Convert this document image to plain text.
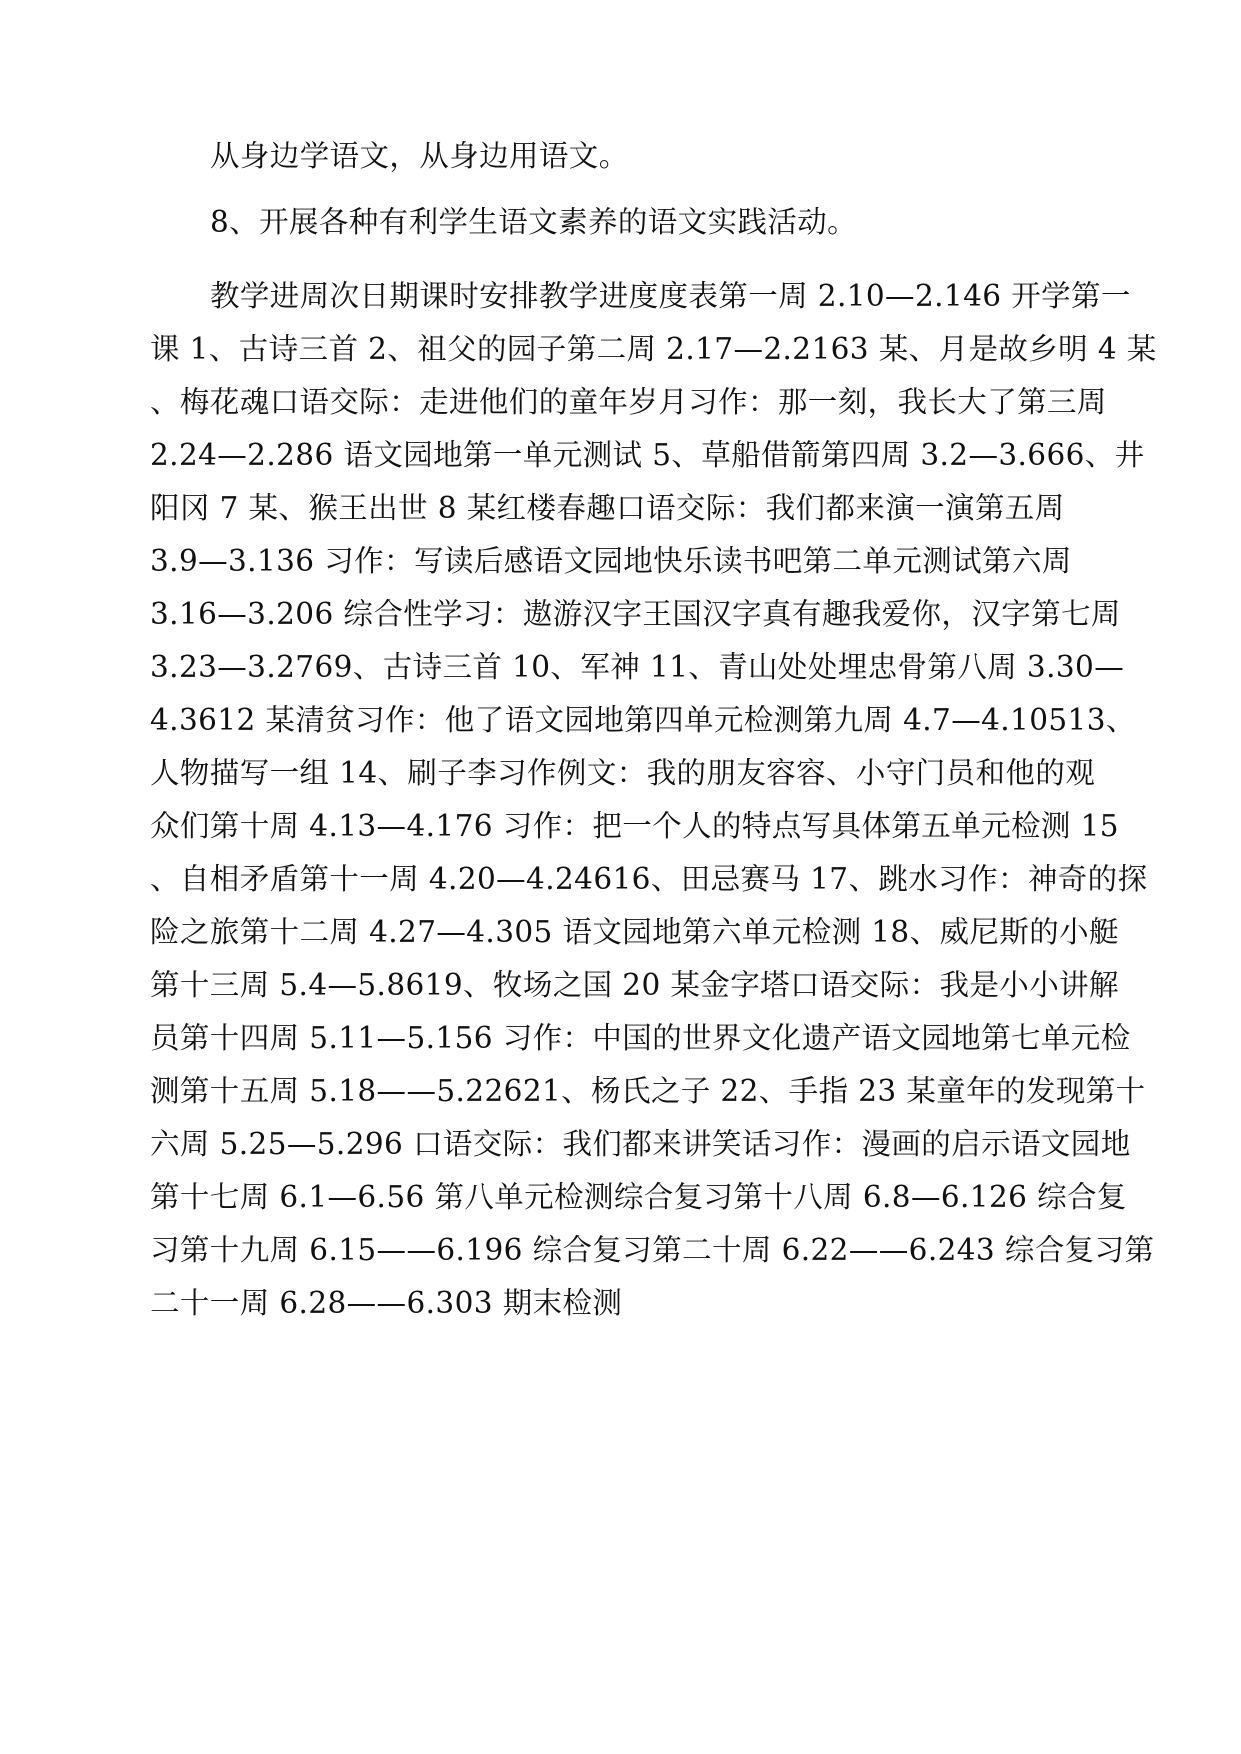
从身边学语文，从身边用语文。
8、开展各种有利学生语文素养的语文实践活动。
教学进周次日期课时安排教学进度度表第一周 2.10—2.146 开学第一
课 1、古诗三首 2、祖父的园子第二周 2.17—2.2163 某、月是故乡明 4 某
、梅花魂口语交际：走进他们的童年岁月习作：那一刻，我长大了第三周
2.24—2.286 语文园地第一单元测试 5、草船借箭第四周 3.2—3.666、井
阳冈 7 某、猴王出世 8 某红楼春趣口语交际：我们都来演一演第五周
3.9—3.136 习作：写读后感语文园地快乐读书吧第二单元测试第六周
3.16—3.206 综合性学习：遨游汉字王国汉字真有趣我爱你，汉字第七周
3.23—3.2769、古诗三首 10、军神 11、青山处处埋忠骨第八周 3.30—
4.3612 某清贫习作：他了语文园地第四单元检测第九周 4.7—4.10513、
人物描写一组 14、刷子李习作例文：我的朋友容容、小守门员和他的观
众们第十周 4.13—4.176 习作：把一个人的特点写具体第五单元检测 15
、自相矛盾第十一周 4.20—4.24616、田忌赛马 17、跳水习作：神奇的探
险之旅第十二周 4.27—4.305 语文园地第六单元检测 18、威尼斯的小艇
第十三周 5.4—5.8619、牧场之国 20 某金字塔口语交际：我是小小讲解
员第十四周 5.11—5.156 习作：中国的世界文化遗产语文园地第七单元检
测第十五周 5.18——5.22621、杨氏之子 22、手指 23 某童年的发现第十
六周 5.25—5.296 口语交际：我们都来讲笑话习作：漫画的启示语文园地
第十七周 6.1—6.56 第八单元检测综合复习第十八周 6.8—6.126 综合复
习第十九周 6.15——6.196 综合复习第二十周 6.22——6.243 综合复习第
二十一周 6.28——6.303 期末检测
